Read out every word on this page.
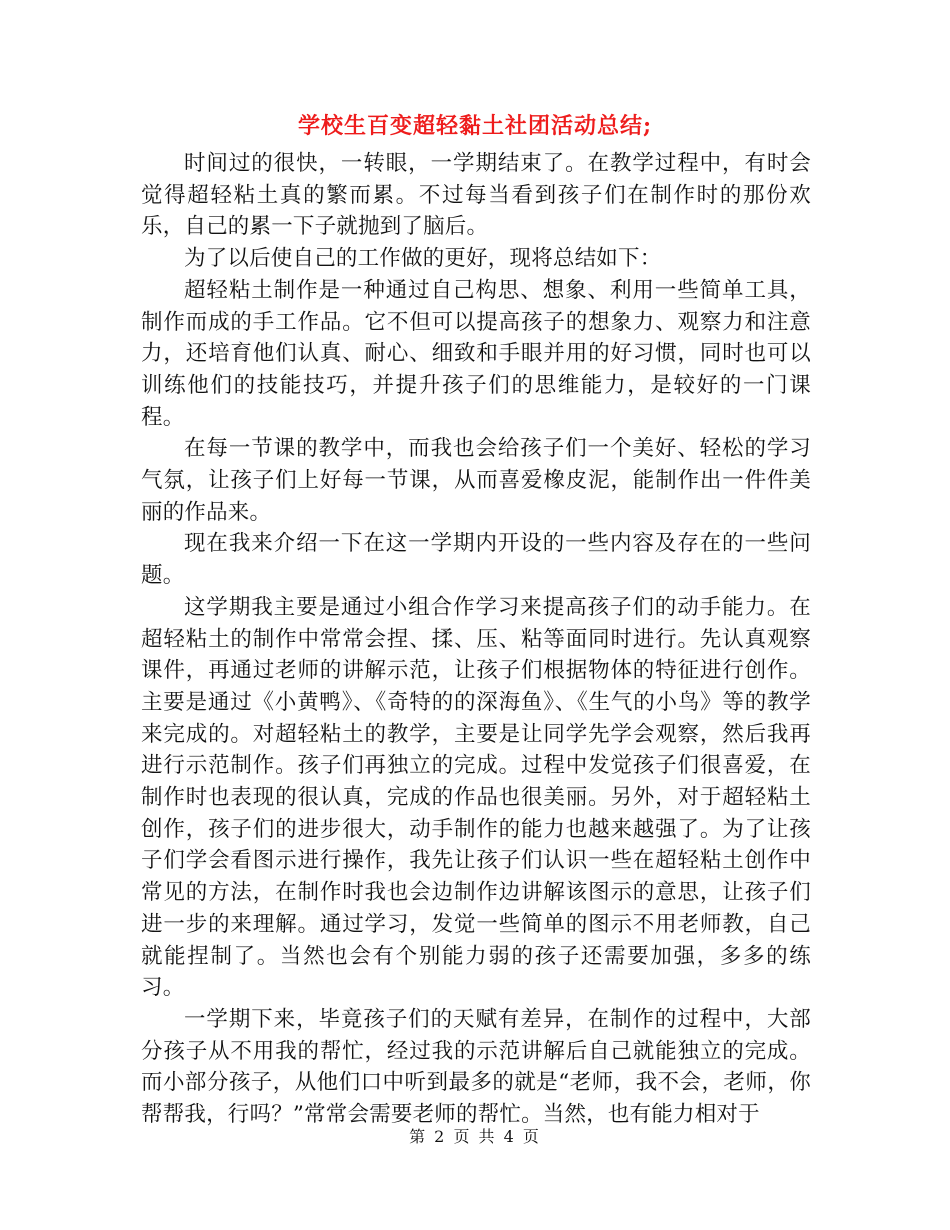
学校生百变超轻黏土社团活动总结;

时间过的很快，一转眼，一学期结束了。在教学过程中，有时会觉得超轻粘土真的繁而累。不过每当看到孩子们在制作时的那份欢乐，自己的累一下子就抛到了脑后。

为了以后使自己的工作做的更好，现将总结如下：

超轻粘土制作是一种通过自己构思、想象、利用一些简单工具，制作而成的手工作品。它不但可以提高孩子的想象力、观察力和注意力，还培育他们认真、耐心、细致和手眼并用的好习惯，同时也可以训练他们的技能技巧，并提升孩子们的思维能力，是较好的一门课程。

在每一节课的教学中，而我也会给孩子们一个美好、轻松的学习气氛，让孩子们上好每一节课，从而喜爱橡皮泥，能制作出一件件美丽的作品来。

现在我来介绍一下在这一学期内开设的一些内容及存在的一些问题。

这学期我主要是通过小组合作学习来提高孩子们的动手能力。在超轻粘土的制作中常常会捏、揉、压、粘等面同时进行。先认真观察课件，再通过老师的讲解示范，让孩子们根据物体的特征进行创作。主要是通过《小黄鸭》、《奇特的的深海鱼》、《生气的小鸟》等的教学来完成的。对超轻粘土的教学，主要是让同学先学会观察，然后我再进行示范制作。孩子们再独立的完成。过程中发觉孩子们很喜爱，在制作时也表现的很认真，完成的作品也很美丽。另外，对于超轻粘土创作，孩子们的进步很大，动手制作的能力也越来越强了。为了让孩子们学会看图示进行操作，我先让孩子们认识一些在超轻粘土创作中常见的方法，在制作时我也会边制作边讲解该图示的意思，让孩子们进一步的来理解。通过学习，发觉一些简单的图示不用老师教，自己就能捏制了。当然也会有个别能力弱的孩子还需要加强，多多的练习。

一学期下来，毕竟孩子们的天赋有差异，在制作的过程中，大部分孩子从不用我的帮忙，经过我的示范讲解后自己就能独立的完成。而小部分孩子，从他们口中听到最多的就是“老师，我不会，老师，你帮帮我，行吗？”常常会需要老师的帮忙。当然，也有能力相对于

第 2 页 共 4 页
